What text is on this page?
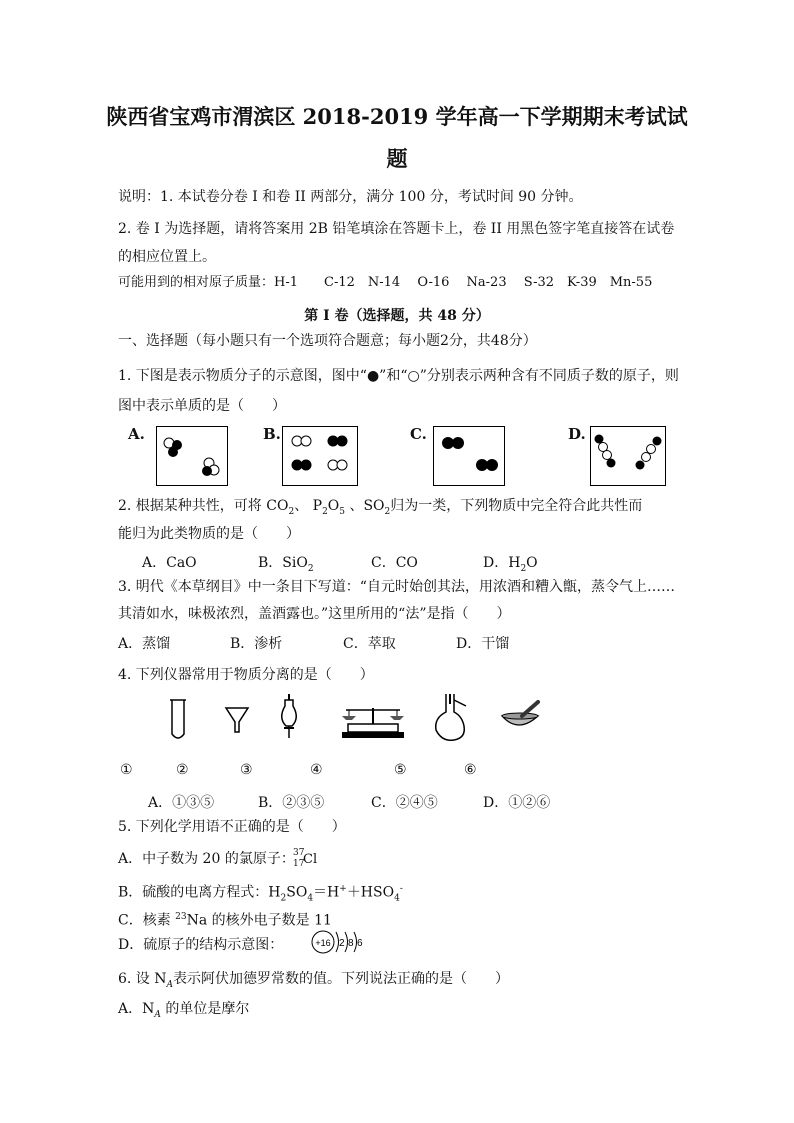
陕西省宝鸡市渭滨区 2018-2019 学年高一下学期期末考试试
题
说明：1. 本试卷分卷 I 和卷 II 两部分，满分 100 分，考试时间 90 分钟。
2. 卷 I 为选择题，请将答案用 2B 铅笔填涂在答题卡上，卷 II 用黑色签字笔直接答在试卷
的相应位置上。
可能用到的相对原子质量：H-1　　C-12　N-14　 O-16　 Na-23　 S-32　K-39　Mn-55
第 I 卷（选择题，共 48 分）
一、选择题（每小题只有一个选项符合题意；每小题2分，共48分）
1. 下图是表示物质分子的示意图，图中“●”和“○”分别表示两种含有不同质子数的原子，则
图中表示单质的是（　　）
A.	B.	C.	D.
2. 根据某种共性，可将 $CO_2$、 $P_2O_5$ 、$SO_2$归为一类，下列物质中完全符合此共性而
能归为此类物质的是（　　）
A．CaO	B．SiO$_2$	C．CO	D．$H_2O$
3. 明代《本草纲目》中一条目下写道：“自元时始创其法，用浓酒和糟入甑，蒸令气上……
其清如水，味极浓烈，盖酒露也。”这里所用的“法”是指（　　）
A．蒸馏	B．渗析	C．萃取	D．干馏
4. 下列仪器常用于物质分离的是（　　）
①	②	③	④	⑤	⑥
A．①③⑤	B．②③⑤	C．②④⑤	D．①②⑥
5. 下列化学用语不正确的是（　　）
A．中子数为 20 的氯原子：
37
17
Cl
B．硫酸的电离方程式：$H_2SO_4=H^++HSO_4^-$
C．核素 $^{23}$Na 的核外电子数是 11
D．硫原子的结构示意图：	+16 2 8 6
6. 设 $N_A$表示阿伏加德罗常数的值。下列说法正确的是（　　）
A．$N_A$ 的单位是摩尔
